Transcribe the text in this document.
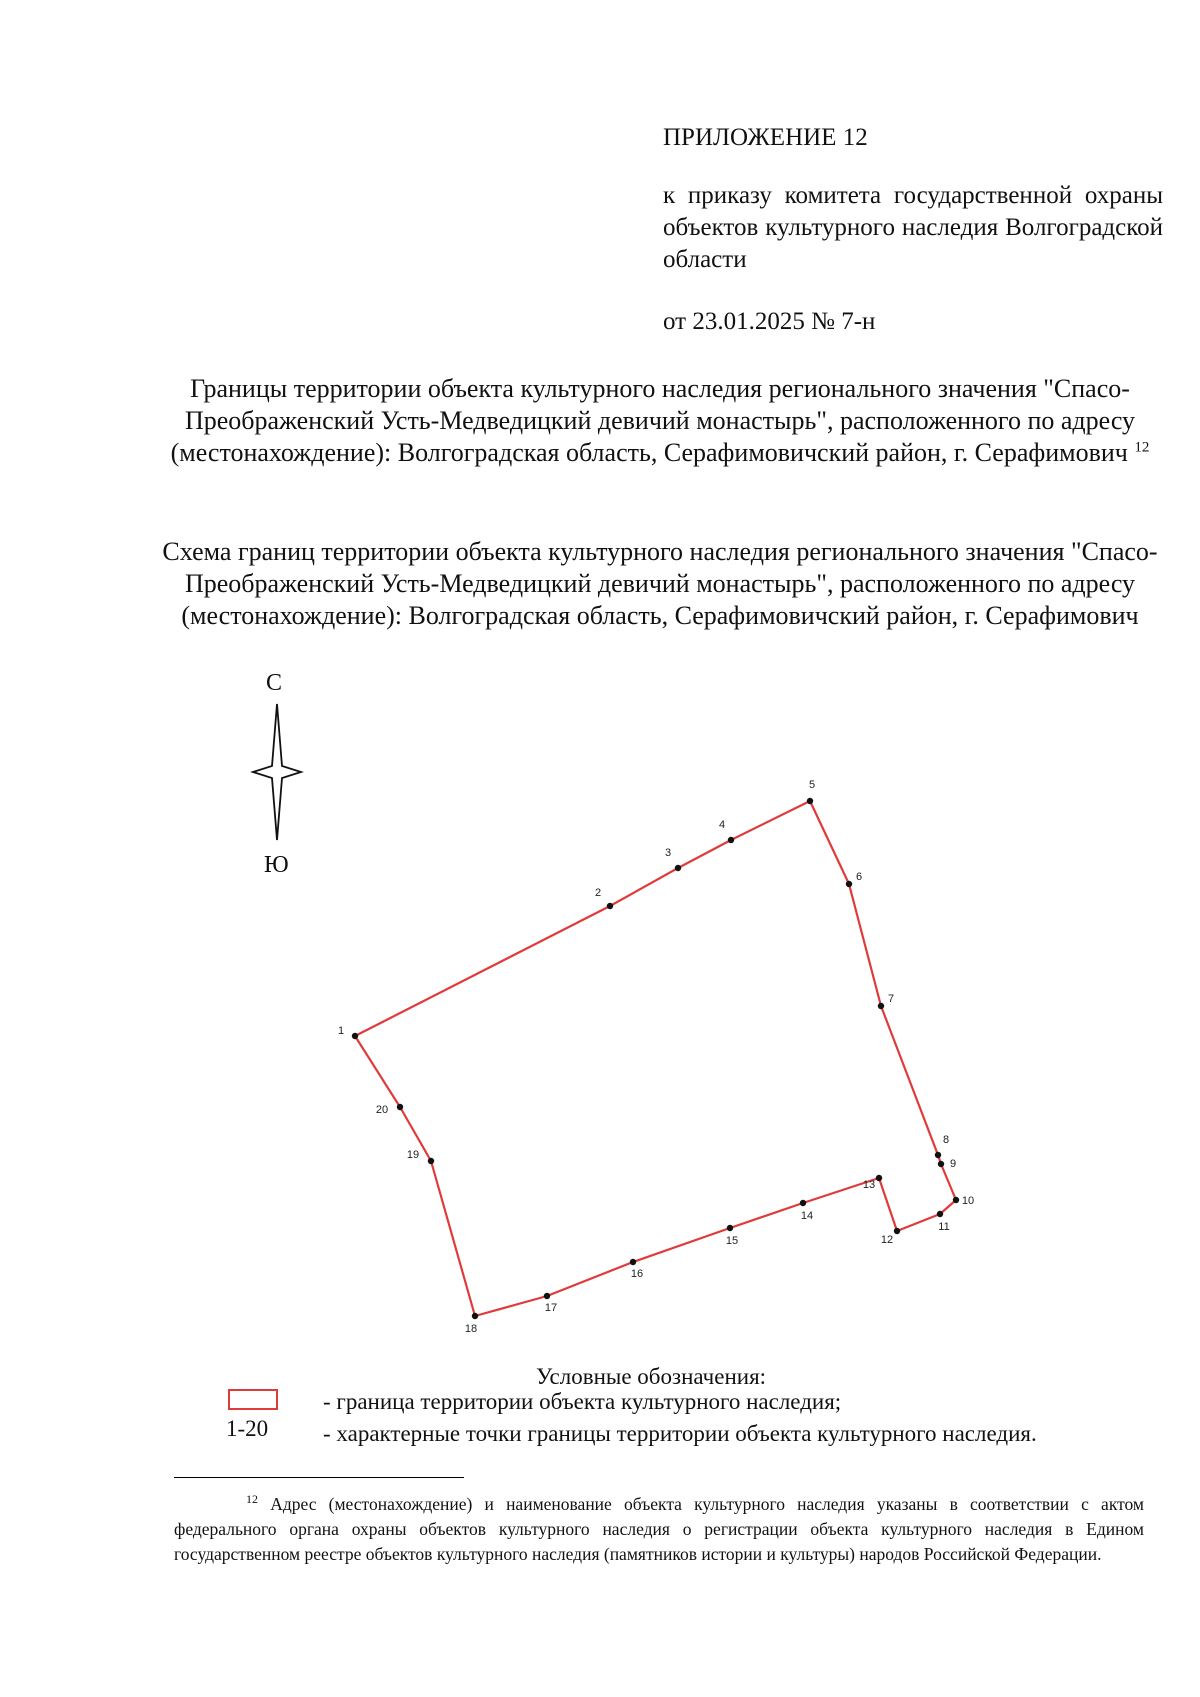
ПРИЛОЖЕНИЕ 12
к приказу комитета государственной охраны объектов культурного наследия Волгоградской области
от 23.01.2025 № 7-н
Границы территории объекта культурного наследия регионального значения "Спасо-Преображенский Усть-Медведицкий девичий монастырь", расположенного по адресу (местонахождение): Волгоградская область, Серафимовичский район, г. Серафимович $^{12}$
Схема границ территории объекта культурного наследия регионального значения "Спасо-Преображенский Усть-Медведицкий девичий монастырь", расположенного по адресу (местонахождение): Волгоградская область, Серафимовичский район, г. Серафимович
С
Ю
1
2
3
4
5
6
7
8
9
10
11
12
13
14
15
16
17
18
19
20
Условные обозначения:
- граница территории объекта культурного наследия;
1-20 - характерные точки границы территории объекта культурного наследия.
$^{12}$ Адрес (местонахождение) и наименование объекта культурного наследия указаны в соответствии с актом федерального органа охраны объектов культурного наследия о регистрации объекта культурного наследия в Едином государственном реестре объектов культурного наследия (памятников истории и культуры) народов Российской Федерации.
